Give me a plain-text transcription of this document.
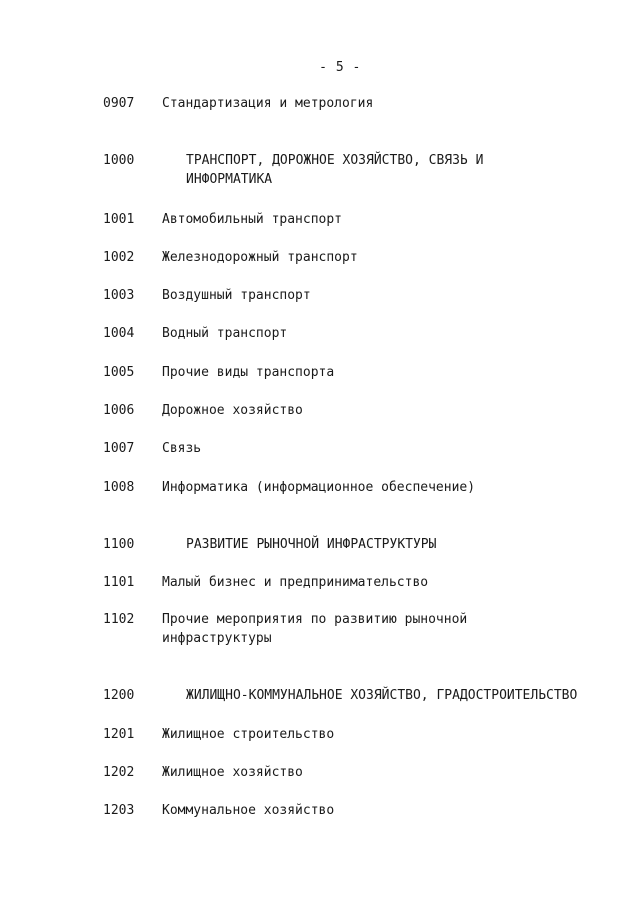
- 5 -
0907 Стандартизация и метрология
1000	ТРАНСПОРТ, ДОРОЖНОЕ ХОЗЯЙСТВО, СВЯЗЬ И
ИНФОРМАТИКА
1001 Автомобильный транспорт
1002 Железнодорожный транспорт
1003 Воздушный транспорт
1004 Водный транспорт
1005 Прочие виды транспорта
1006 Дорожное хозяйство
1007 Связь
1008 Информатика (информационное обеспечение)
1100	РАЗВИТИЕ РЫНОЧНОЙ ИНФРАСТРУКТУРЫ
1101 Малый бизнес и предпринимательство
1102 Прочие мероприятия по развитию рыночной
инфраструктуры
1200	ЖИЛИЩНО-КОММУНАЛЬНОЕ ХОЗЯЙСТВО, ГРАДОСТРОИТЕЛЬСТВО
1201 Жилищное строительство
1202 Жилищное хозяйство
1203 Коммунальное хозяйство
